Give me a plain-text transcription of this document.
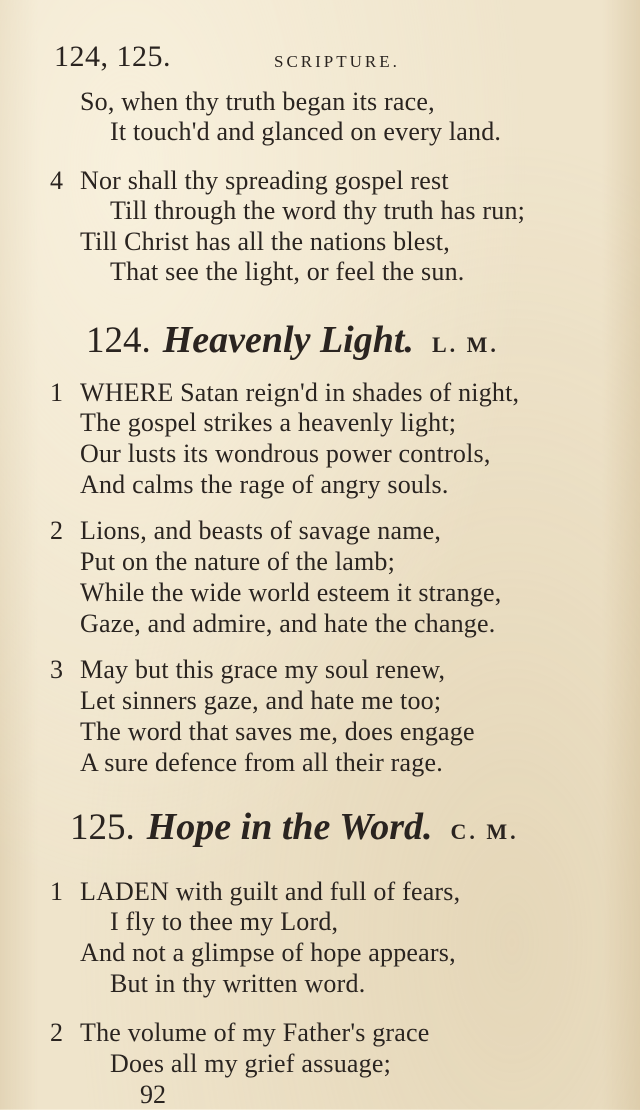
124, 125.	SCRIPTURE.
So, when thy truth began its race,
It touch'd and glanced on every land.
4 Nor shall thy spreading gospel rest
Till through the word thy truth has run;
Till Christ has all the nations blest,
That see the light, or feel the sun.
124. Heavenly Light. L. M.
1 WHERE Satan reign'd in shades of night,
The gospel strikes a heavenly light;
Our lusts its wondrous power controls,
And calms the rage of angry souls.
2 Lions, and beasts of savage name,
Put on the nature of the lamb;
While the wide world esteem it strange,
Gaze, and admire, and hate the change.
3 May but this grace my soul renew,
Let sinners gaze, and hate me too;
The word that saves me, does engage
A sure defence from all their rage.
125. Hope in the Word. C. M.
1 LADEN with guilt and full of fears,
I fly to thee my Lord,
And not a glimpse of hope appears,
But in thy written word.
2 The volume of my Father's grace
Does all my grief assuage;
92
